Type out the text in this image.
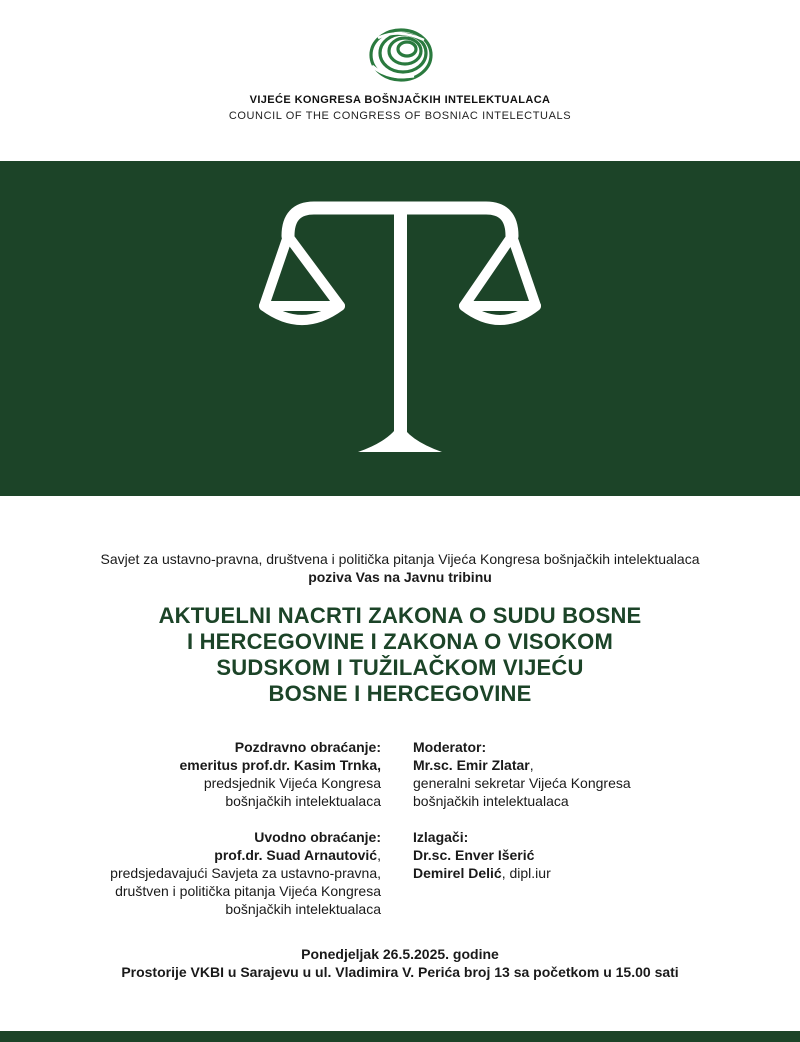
VIJEĆE KONGRESA BOŠNJAČKIH INTELEKTUALACA
COUNCIL OF THE CONGRESS OF BOSNIAC INTELECTUALS
Savjet za ustavno-pravna, društvena i politička pitanja Vijeća Kongresa bošnjačkih intelektualaca
poziva Vas na Javnu tribinu
AKTUELNI NACRTI ZAKONA O SUDU BOSNE
I HERCEGOVINE I ZAKONA O VISOKOM
SUDSKOM I TUŽILAČKOM VIJEĆU
BOSNE I HERCEGOVINE
Pozdravno obraćanje:
emeritus prof.dr. Kasim Trnka,
predsjednik Vijeća Kongresa
bošnjačkih intelektualaca
Uvodno obraćanje:
prof.dr. Suad Arnautović,
predsjedavajući Savjeta za ustavno-pravna,
društven i politička pitanja Vijeća Kongresa
bošnjačkih intelektualaca
Moderator:
Mr.sc. Emir Zlatar,
generalni sekretar Vijeća Kongresa
bošnjačkih intelektualaca
Izlagači:
Dr.sc. Enver Išerić
Demirel Delić, dipl.iur
Ponedjeljak 26.5.2025. godine
Prostorije VKBI u Sarajevu u ul. Vladimira V. Perića broj 13 sa početkom u 15.00 sati
